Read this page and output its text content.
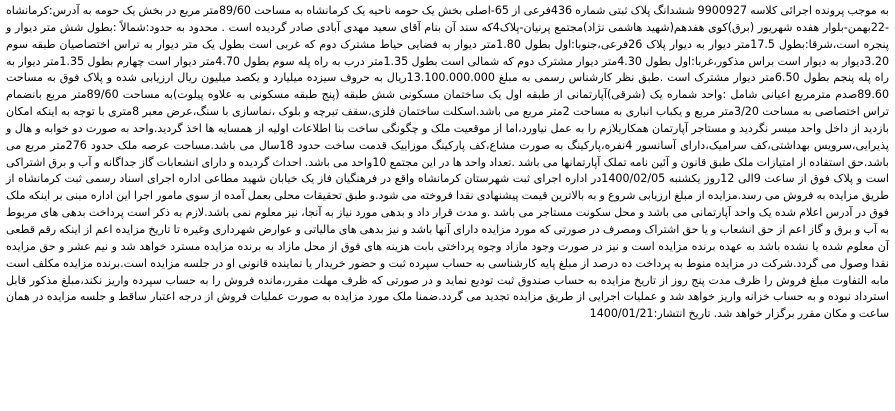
به موجب پرونده اجرائی کلاسه 9900927 ششدانگ پلاک ثبتی شماره 436فرعی از 65-اصلی بخش یک حومه ناحیه یک کرمانشاه به مساحت 89/60متر مربع در بخش یک حومه به آدرس:کرمانشاه -22بهمن-بلوار هفده شهریور (برق)کوی هفدهم(شهید هاشمی نژاد)مجتمع پرنیان-پلاک4که سند آن بنام آقای سعید مهدی آبادی صادر گردیده است . محدود به حدود:شمالاً :بطول شش متر دیوار و پنجره است،شرقا:بطول 17.5متر دیوار به دیوار پلاک 26فرعی،جنوبا:اول بطول 1.80متر دیوار به فضایی حیاط مشترک دوم که غربی است بطول یک متر دیوار به تراس اختصاصیان طبقه سوم 3.20دیوار به دیوار است براس مذکور،غربا:اول بطول 4.30متر دیوار مشترک دوم که شمالی است بطول 1.35متر درب به راه پله سوم بطول 4.70متر دیوار است چهارم بطول 1.35متر دیوار به راه پله پنجم بطول 6.50متر دیوار مشترک است .طبق نظر کارشناس رسمی به مبلغ 13.100.000.000ریال به حروف سیزده میلیارد و یکصد میلیون ریال ارزیابی شده و پلاک فوق به مساحت 89.60صدم مترمربع اعیانی شامل :واحد شماره یک (شرقی)آپارتمانی از طبقه اول یک ساختمان مسکونی شش طبقه (پنج طبقه مسکونی به علاوه پیلوت)به مساحت 89/60متر مربع بانضمام تراس اختصاصی به مساحت 3/20متر مربع و یکباب انباری به مساحت 2متر مربع می باشد.اسکلت ساختمان فلزی،سقف تیرچه و بلوک ،نماسازی با سنگ،عرض معبر 8متری با توجه به اینکه امکان بازدید از داخل واحد میسر نگردید و مستاجر آپارتمان همکاریلازم را به عمل نیاورد،اما از موقعیت ملک و چگونگی ساخت بنا اطلاعات اولیه از همسایه ها اخذ گردید.واحد به صورت دو خوابه و هال و پذیرایی،سرویس بهداشتی،کف سرامیک،دارای آسانسور 4نفره،پارکینگ به صورت مشاع،کف پارکینگ موزاییک قدمت ساخت حدود 18سال می باشد.مساحت عرصه ملک حدود 276متر مربع می باشد.حق استفاده از امتیازات ملک طبق قانون و آئین نامه تملک آپارتمانها می باشد .تعداد واحد ها در این مجتمع 10واحد می باشد. احداث گردیده و دارای انشعابات گاز جداگانه و آب و برق اشتراکی است و پلاک فوق از ساعت 9الی 12روز یکشنبه 1400/02/05در اداره اجرای ثبت شهرستان کرمانشاه واقع در فرهنگیان فاز یک خیابان شهید مطاعی اداره اجرای اسناد رسمی ثبت کرمانشاه از طریق مزایده به فروش می رسد.مزایده از مبلغ ارزیابی شروع و به بالاترین قیمت پیشنهادی نقدا فروخته می شود.و طبق تحقیقات محلی بعمل آمده از سوی مامور اجرا این اداره مبنی بر اینکه ملک فوق در آدرس اعلام شده یک واحد آپارتمانی می باشد و محل سکونت مستاجر می باشد .و مدت قرار داد و بدهی مورد نیاز به آنجا، نیز معلوم نمی باشد.لازم به ذکر است پرداخت بدهی های مربوط به آب و برق و گاز اعم از حق انشعاب و یا حق اشتراک ومصرف در صورتی که مورد مزایده دارای آنها باشد و نیز بدهی های مالیاتی و عوارض شهرداری وغیره تا تاریخ مزایده اعم از اینکه رقم قطعی آن معلوم شده یا نشده باشد به عهده برنده مزایده است و نیز در صورت وجود مازاد وجوه پرداختی بابت هزینه های فوق از محل مازاد به برنده مزایده مسترد خواهد شد و نیم عشر و حق مزایده نقدا وصول می گردد.شرکت در مزایده منوط به پرداخت ده درصد از مبلغ پایه کارشناسی به حساب سپرده ثبت و حضور خریدار یا نماینده قانونی او در جلسه مزایده است.برنده مزایده مکلف است مابه التفاوت مبلغ فروش را ظرف مدت پنج روز از تاریخ مزایده به حساب صندوق ثبت تودیع نماید و در صورتی که ظرف مهلت مقرر،مانده فروش را به حساب سپرده واریز نکند،مبلغ مذکور قابل استرداد نبوده و به حساب خزانه واریز خواهد شد و عملیات اجرایی از طریق مزایده تجدید می گردد.ضمنا ملک مورد مزایده به صورت عملیات فروش از درجه اعتبار ساقط و جلسه مزایده در همان ساعت و مکان مقرر برگزار خواهد شد. تاریخ انتشار:1400/01/21
